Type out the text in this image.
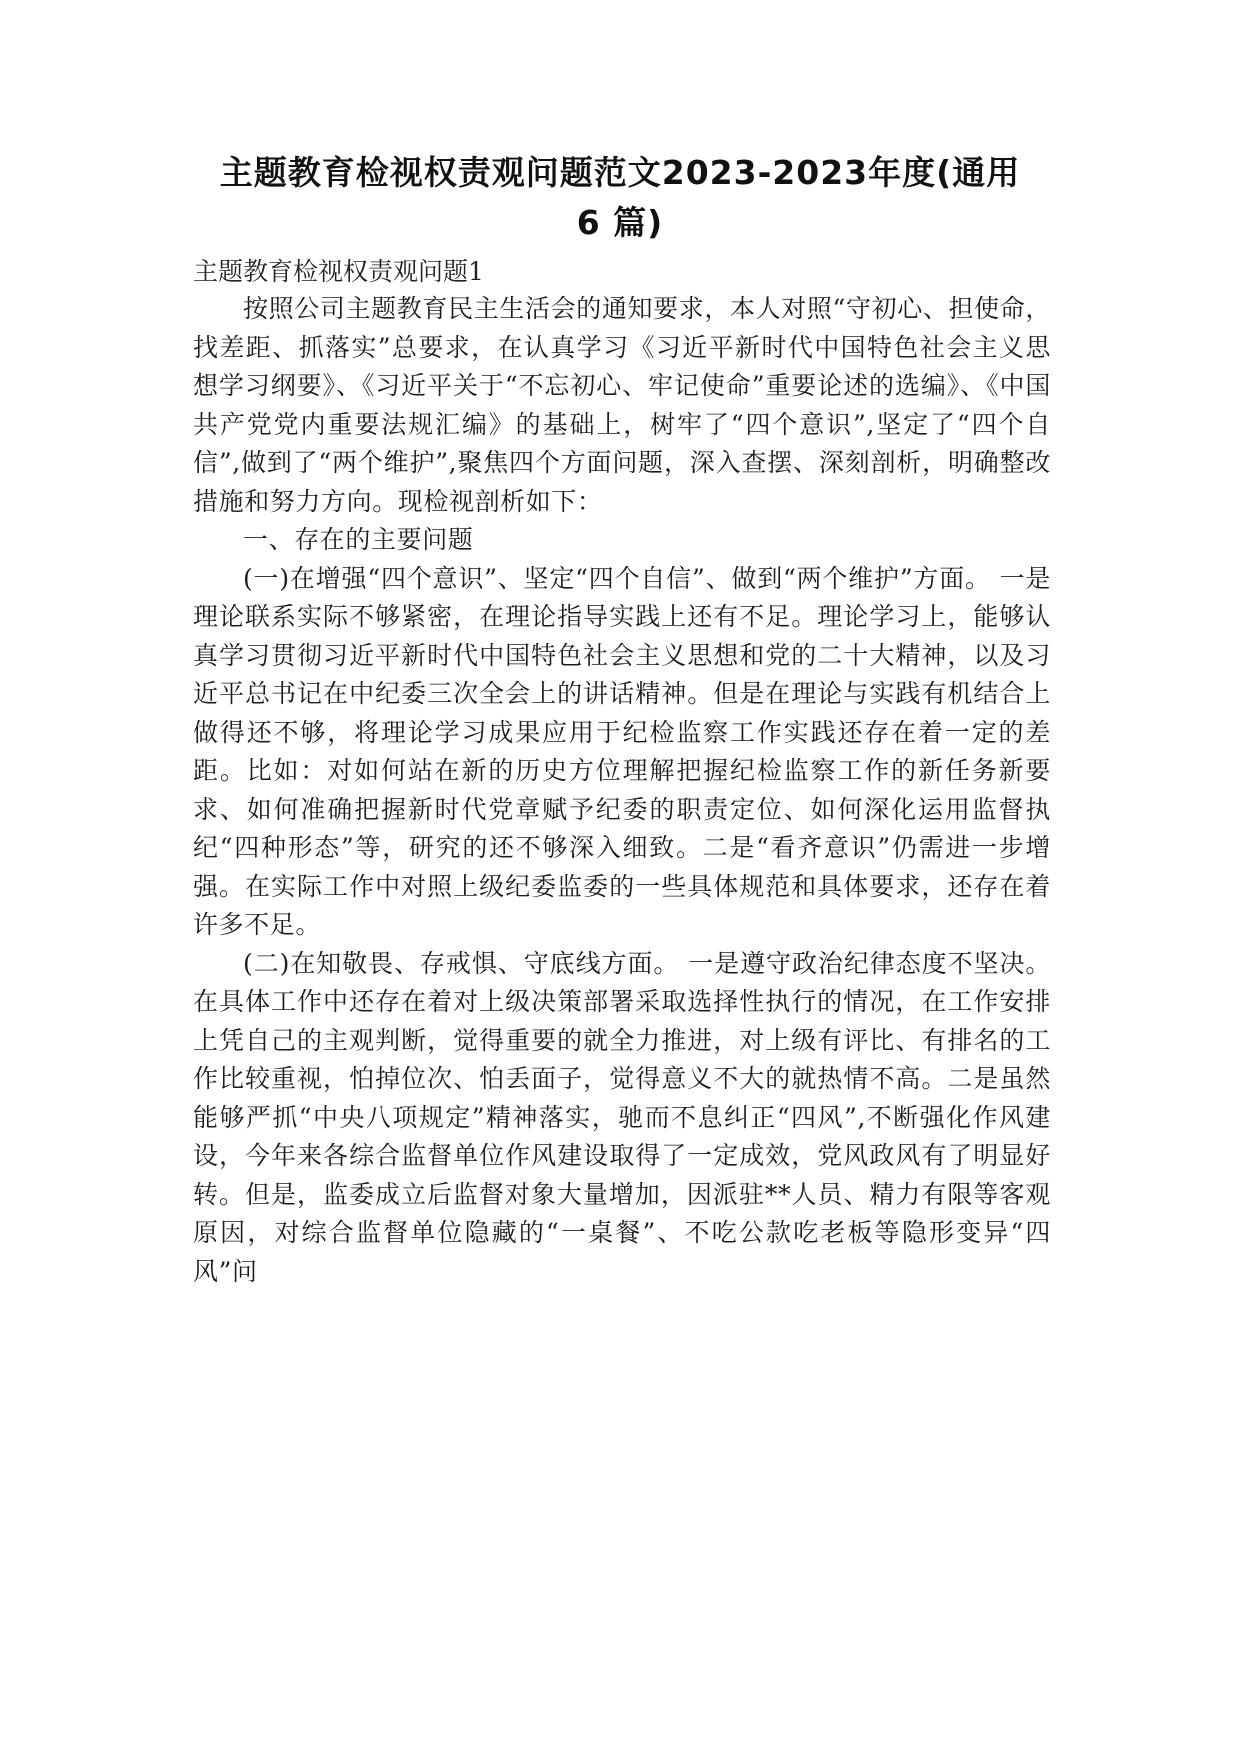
主题教育检视权责观问题范文2023-2023年度(通用
6 篇)
主题教育检视权责观问题1

按照公司主题教育民主生活会的通知要求，本人对照“守初心、担使命，找差距、抓落实”总要求，在认真学习《习近平新时代中国特色社会主义思想学习纲要》、《习近平关于“不忘初心、牢记使命”重要论述的选编》、《中国共产党党内重要法规汇编》的基础上，树牢了“四个意识”,坚定了“四个自信”,做到了“两个维护”,聚焦四个方面问题，深入查摆、深刻剖析，明确整改措施和努力方向。现检视剖析如下：

一、存在的主要问题

(一)在增强“四个意识”、坚定“四个自信”、做到“两个维护”方面。 一是理论联系实际不够紧密，在理论指导实践上还有不足。理论学习上，能够认真学习贯彻习近平新时代中国特色社会主义思想和党的二十大精神，以及习近平总书记在中纪委三次全会上的讲话精神。但是在理论与实践有机结合上做得还不够，将理论学习成果应用于纪检监察工作实践还存在着一定的差距。比如：对如何站在新的历史方位理解把握纪检监察工作的新任务新要求、如何准确把握新时代党章赋予纪委的职责定位、如何深化运用监督执纪“四种形态”等，研究的还不够深入细致。二是“看齐意识”仍需进一步增强。在实际工作中对照上级纪委监委的一些具体规范和具体要求，还存在着许多不足。

(二)在知敬畏、存戒惧、守底线方面。 一是遵守政治纪律态度不坚决。在具体工作中还存在着对上级决策部署采取选择性执行的情况，在工作安排上凭自己的主观判断，觉得重要的就全力推进，对上级有评比、有排名的工作比较重视，怕掉位次、怕丢面子，觉得意义不大的就热情不高。二是虽然能够严抓“中央八项规定”精神落实，驰而不息纠正“四风”,不断强化作风建设，今年来各综合监督单位作风建设取得了一定成效，党风政风有了明显好转。但是，监委成立后监督对象大量增加，因派驻**人员、精力有限等客观原因，对综合监督单位隐藏的“一桌餐”、不吃公款吃老板等隐形变异“四风”问
